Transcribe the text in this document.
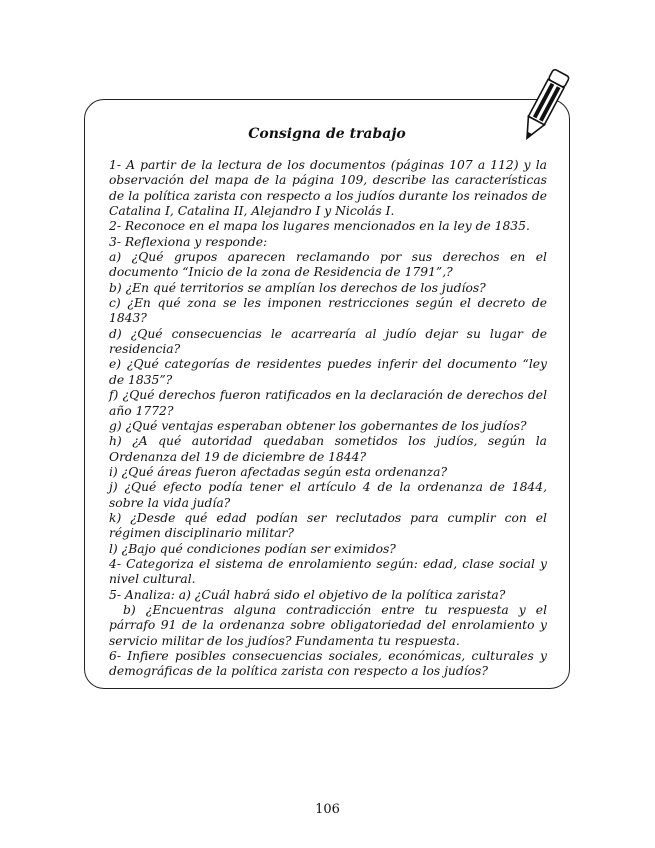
Consigna de trabajo

1- A partir de la lectura de los documentos (páginas 107 a 112) y la observación del mapa de la página 109, describe las características de la política zarista con respecto a los judíos durante los reinados de Catalina I, Catalina II, Alejandro I y Nicolás I.

2- Reconoce en el mapa los lugares mencionados en la ley de 1835.

3- Reflexiona y responde:

a) ¿Qué grupos aparecen reclamando por sus derechos en el documento “Inicio de la zona de Residencia de 1791”,?

b) ¿En qué territorios se amplían los derechos de los judíos?

c) ¿En qué zona se les imponen restricciones según el decreto de 1843?

d) ¿Qué consecuencias le acarrearía al judío dejar su lugar de residencia?

e) ¿Qué categorías de residentes puedes inferir del documento “ley de 1835”?

f) ¿Qué derechos fueron ratificados en la declaración de derechos del año 1772?

g) ¿Qué ventajas esperaban obtener los gobernantes de los judíos?

h) ¿A qué autoridad quedaban sometidos los judíos, según la Ordenanza del 19 de diciembre de 1844?

i) ¿Qué áreas fueron afectadas según esta ordenanza?

j) ¿Qué efecto podía tener el artículo 4 de la ordenanza de 1844, sobre la vida judía?

k) ¿Desde qué edad podían ser reclutados para cumplir con el régimen disciplinario militar?

l) ¿Bajo qué condiciones podían ser eximidos?

4- Categoriza el sistema de enrolamiento según: edad, clase social y nivel cultural.

5- Analiza: a) ¿Cuál habrá sido el objetivo de la política zarista?

b) ¿Encuentras alguna contradicción entre tu respuesta y el párrafo 91 de la ordenanza sobre obligatoriedad del enrolamiento y servicio militar de los judíos? Fundamenta tu respuesta.

6- Infiere posibles consecuencias sociales, económicas, culturales y demográficas de la política zarista con respecto a los judíos?

106
